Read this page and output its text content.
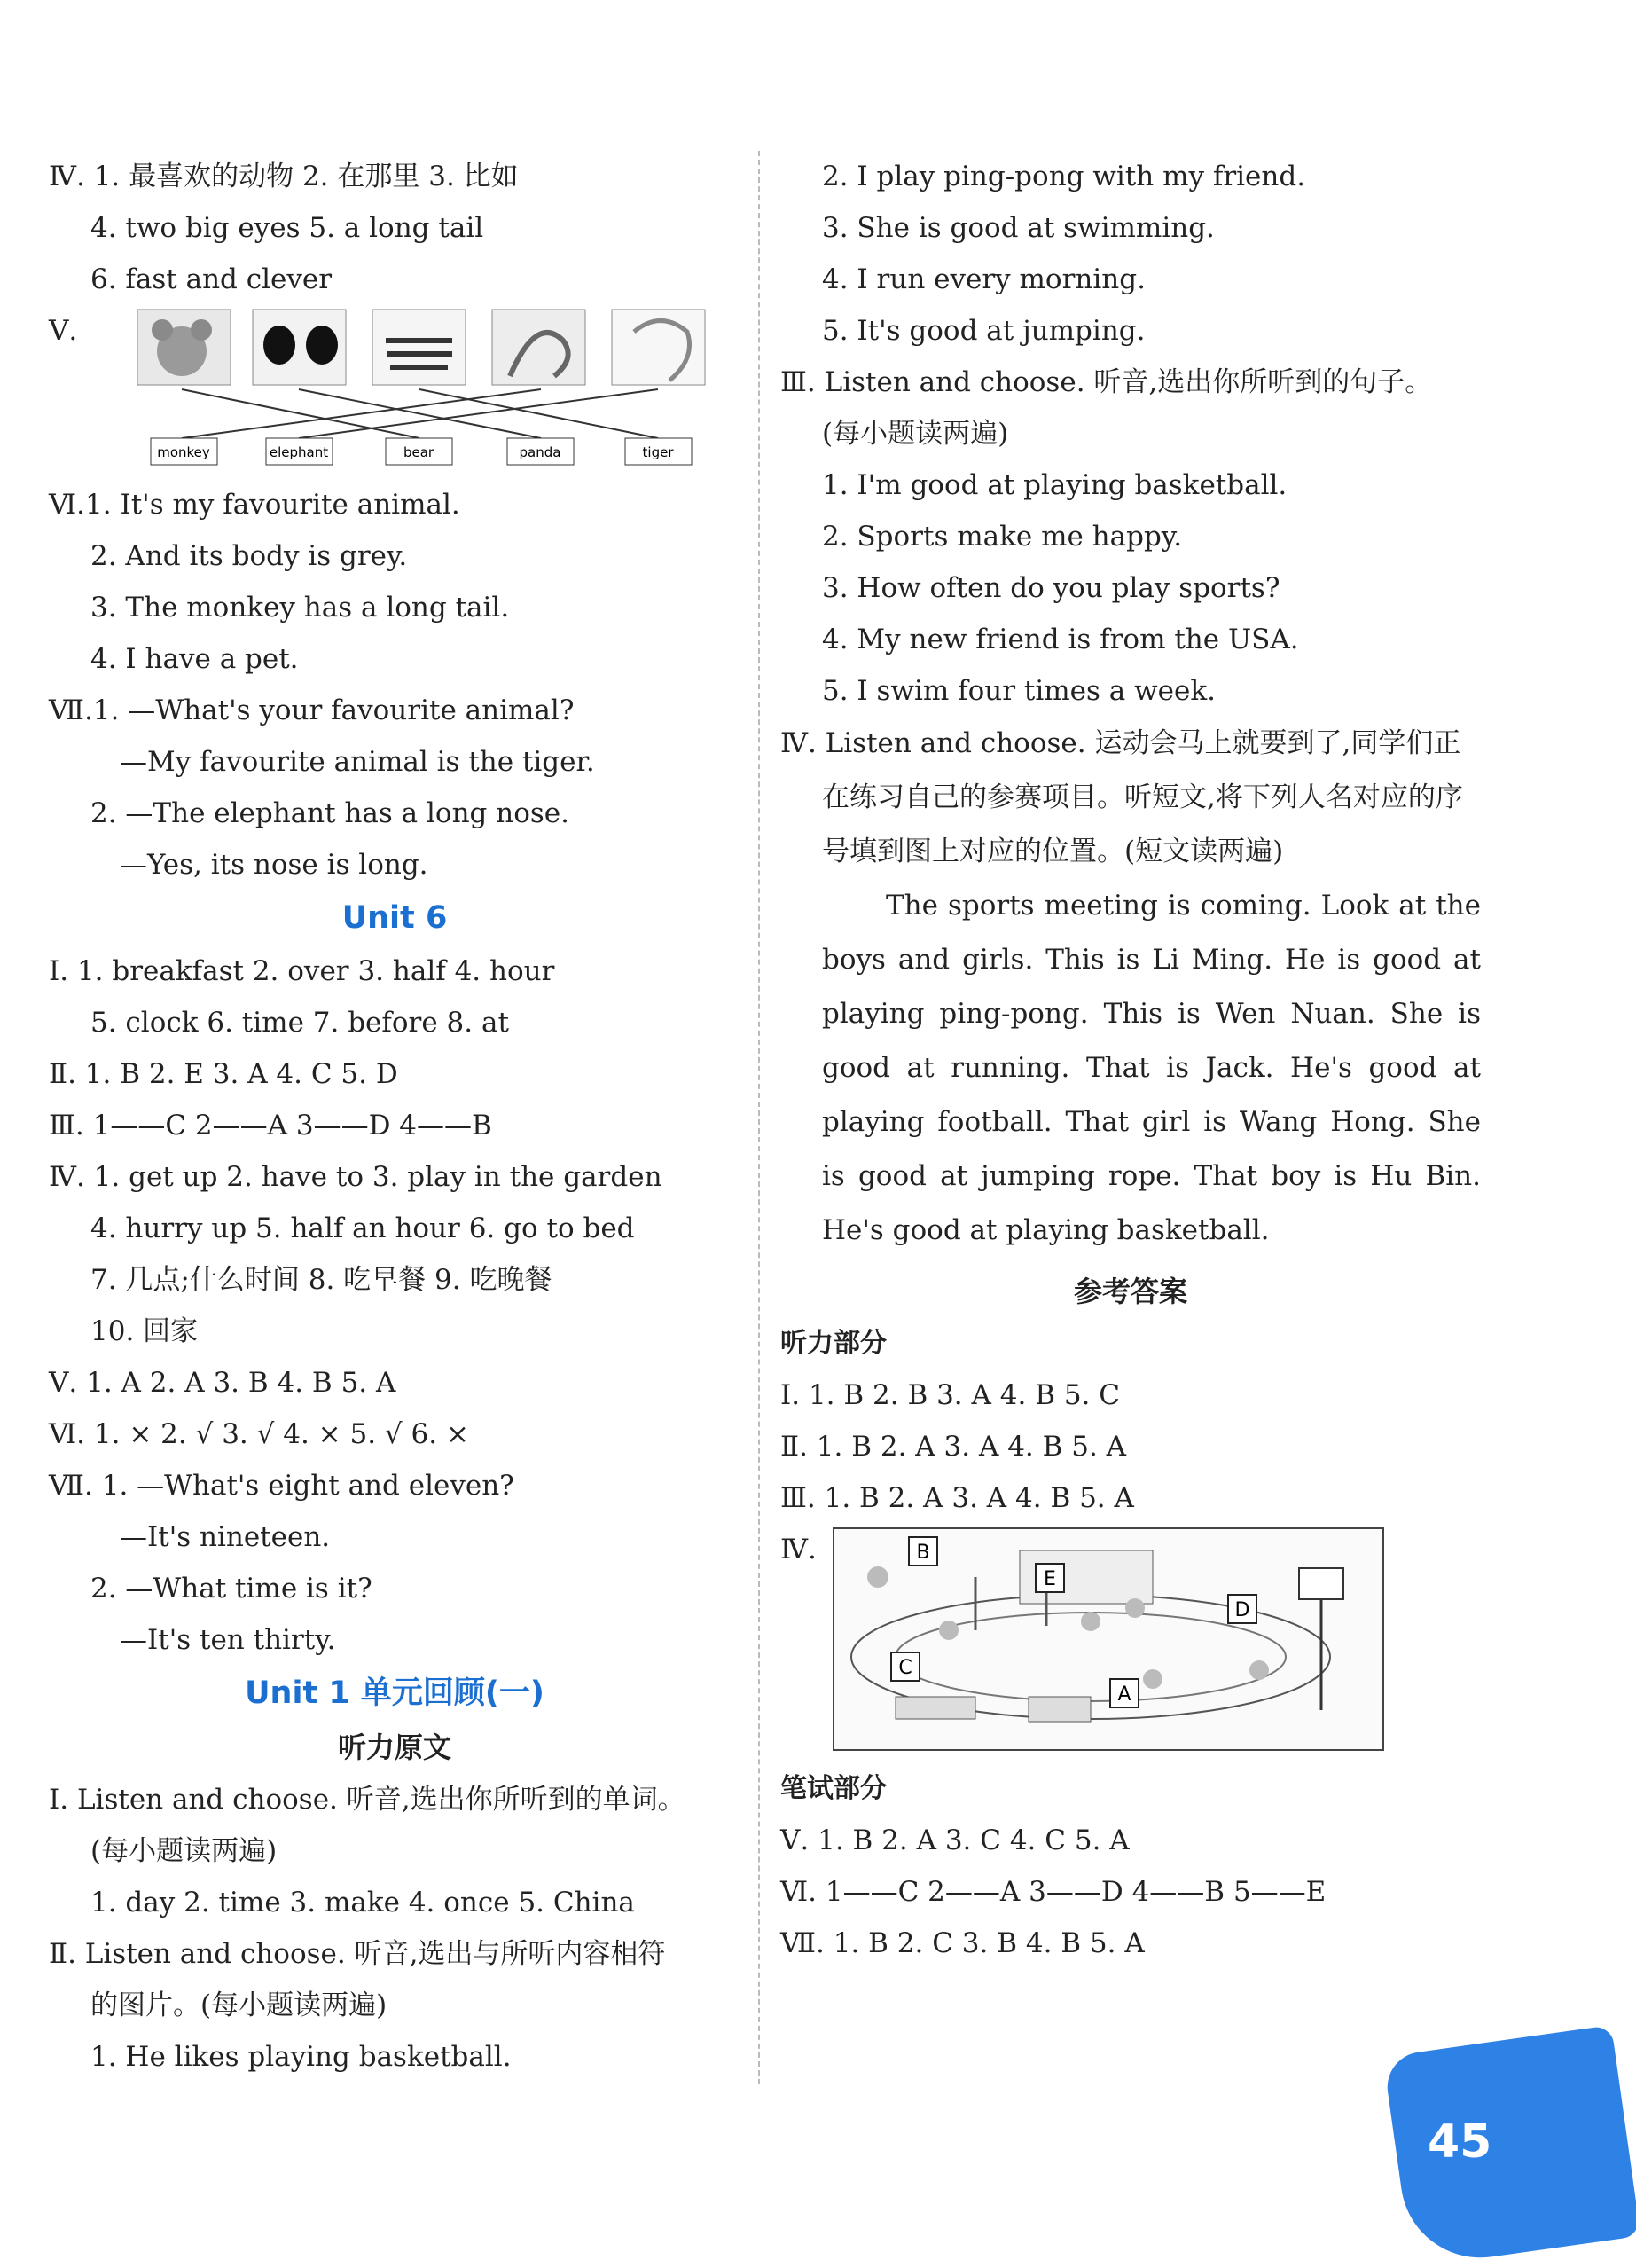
Ⅳ. 1. 最喜欢的动物 2. 在那里 3. 比如
4. two big eyes 5. a long tail
6. fast and clever
Ⅴ.
monkey	elephant	bear	panda	tiger
Ⅵ.1. It's my favourite animal.
2. And its body is grey.
3. The monkey has a long tail.
4. I have a pet.
Ⅶ.1. —What's your favourite animal?
—My favourite animal is the tiger.
2. —The elephant has a long nose.
—Yes, its nose is long.
Unit 6
Ⅰ. 1. breakfast 2. over 3. half 4. hour
5. clock 6. time 7. before 8. at
Ⅱ. 1. B 2. E 3. A 4. C 5. D
Ⅲ. 1——C 2——A 3——D 4——B
Ⅳ. 1. get up 2. have to 3. play in the garden
4. hurry up 5. half an hour 6. go to bed
7. 几点;什么时间 8. 吃早餐 9. 吃晚餐
10. 回家
Ⅴ. 1. A 2. A 3. B 4. B 5. A
Ⅵ. 1. × 2. √ 3. √ 4. × 5. √ 6. ×
Ⅶ. 1. —What's eight and eleven?
—It's nineteen.
2. —What time is it?
—It's ten thirty.
Unit 1 单元回顾(一)
听力原文
Ⅰ. Listen and choose. 听音,选出你所听到的单词。
(每小题读两遍)
1. day 2. time 3. make 4. once 5. China
Ⅱ. Listen and choose. 听音,选出与所听内容相符
的图片。(每小题读两遍)
1. He likes playing basketball.
2. I play ping-pong with my friend.
3. She is good at swimming.
4. I run every morning.
5. It's good at jumping.
Ⅲ. Listen and choose. 听音,选出你所听到的句子。
(每小题读两遍)
1. I'm good at playing basketball.
2. Sports make me happy.
3. How often do you play sports?
4. My new friend is from the USA.
5. I swim four times a week.
Ⅳ. Listen and choose. 运动会马上就要到了,同学们正在练习自己的参赛项目。听短文,将下列人名对应的序号填到图上对应的位置。(短文读两遍)
The sports meeting is coming. Look at the boys and girls. This is Li Ming. He is good at playing ping-pong. This is Wen Nuan. She is good at running. That is Jack. He's good at playing football. That girl is Wang Hong. She is good at jumping rope. That boy is Hu Bin. He's good at playing basketball.
参考答案
听力部分
Ⅰ. 1. B 2. B 3. A 4. B 5. C
Ⅱ. 1. B 2. A 3. A 4. B 5. A
Ⅲ. 1. B 2. A 3. A 4. B 5. A
Ⅳ.	B
E
D
C
A
笔试部分
Ⅴ. 1. B 2. A 3. C 4. C 5. A
Ⅵ. 1——C 2——A 3——D 4——B 5——E
Ⅶ. 1. B 2. C 3. B 4. B 5. A
45
